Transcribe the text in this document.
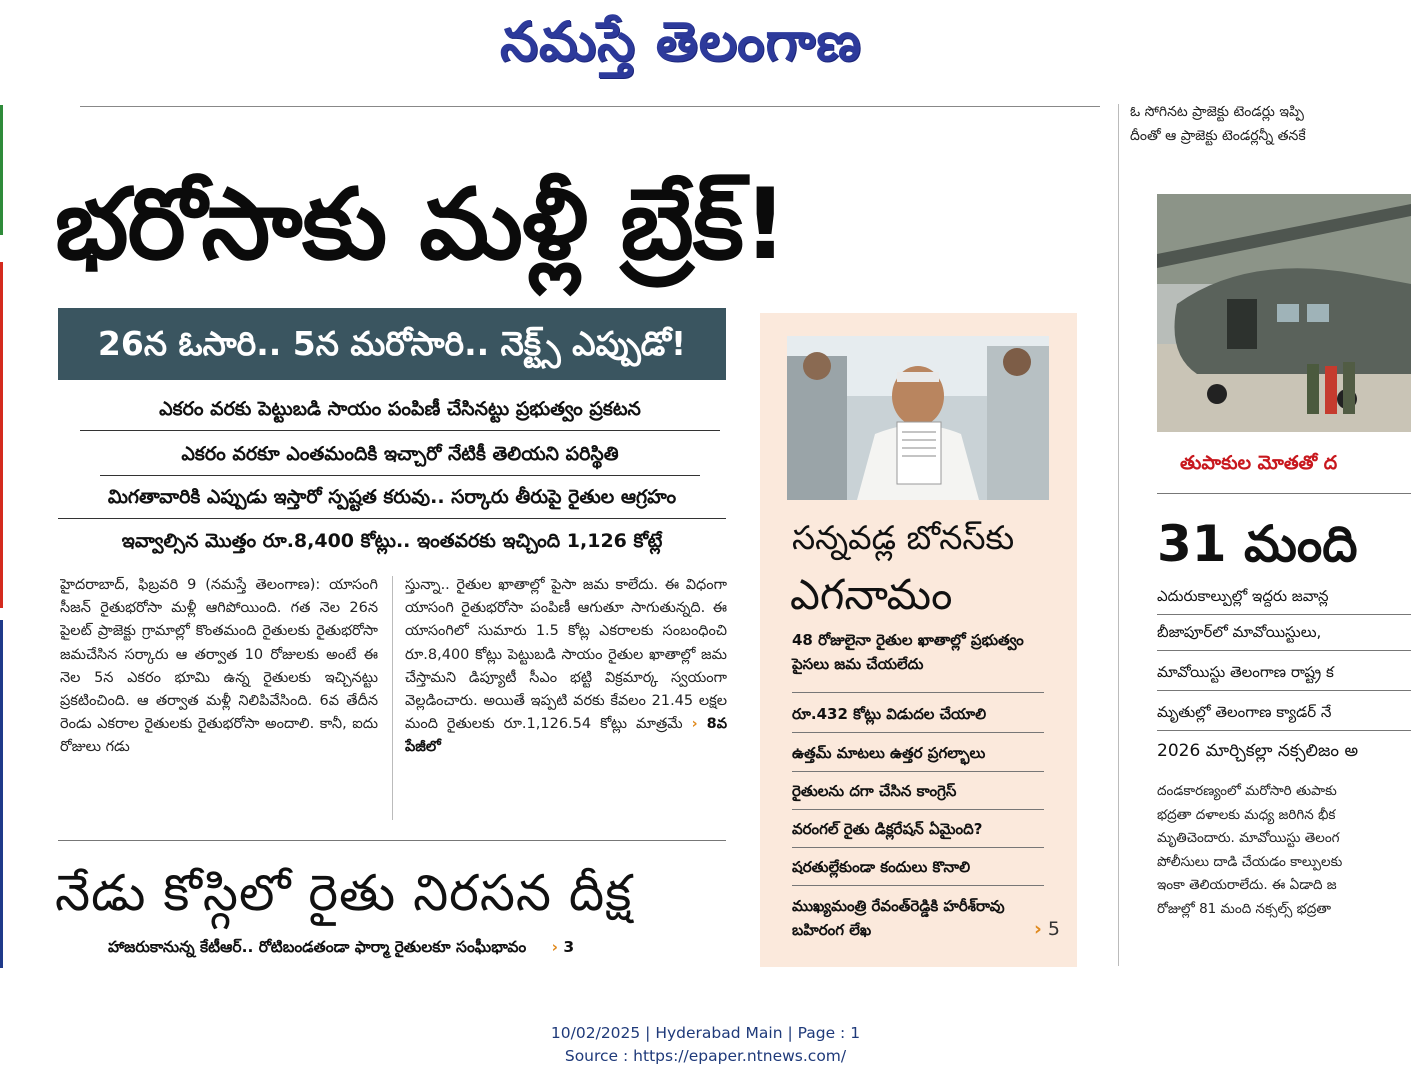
నమస్తే తెలంగాణ
భరోసాకు మళ్లీ బ్రేక్!
26న ఓసారి.. 5న మరోసారి.. నెక్ట్స్ ఎప్పుడో!
ఎకరం వరకు పెట్టుబడి సాయం పంపిణీ చేసినట్టు ప్రభుత్వం ప్రకటన
ఎకరం వరకూ ఎంతమందికి ఇచ్చారో నేటికీ తెలియని పరిస్థితి
మిగతావారికి ఎప్పుడు ఇస్తారో స్పష్టత కరువు.. సర్కారు తీరుపై రైతుల ఆగ్రహం
ఇవ్వాల్సిన మొత్తం రూ.8,400 కోట్లు.. ఇంతవరకు ఇచ్చింది 1,126 కోట్లే
హైదరాబాద్, ఫిబ్రవరి 9 (నమస్తే తెలంగాణ): యాసంగి సీజన్ రైతుభరోసా మళ్లీ ఆగిపోయింది. గత నెల 26న పైలట్ ప్రాజెక్టు గ్రామాల్లో కొంతమంది రైతులకు రైతుభరోసా జమచేసిన సర్కారు ఆ తర్వాత 10 రోజులకు అంటే ఈ నెల 5న ఎకరం భూమి ఉన్న రైతులకు ఇచ్చినట్టు ప్రకటించింది. ఆ తర్వాత మళ్లీ నిలిపివేసింది. 6వ తేదీన రెండు ఎకరాల రైతులకు రైతుభరోసా అందాలి. కానీ, ఐదు రోజులు గడు
స్తున్నా.. రైతుల ఖాతాల్లో పైసా జమ కాలేదు. ఈ విధంగా యాసంగి రైతుభరోసా పంపిణీ ఆగుతూ సాగుతున్నది. ఈ యాసంగిలో సుమారు 1.5 కోట్ల ఎకరాలకు సంబంధించి రూ.8,400 కోట్లు పెట్టుబడి సాయం రైతుల ఖాతాల్లో జమ చేస్తామని డిప్యూటీ సీఎం భట్టి విక్రమార్క స్వయంగా వెల్లడించారు. అయితే ఇప్పటి వరకు కేవలం 21.45 లక్షల మంది రైతులకు రూ.1,126.54 కోట్లు మాత్రమే › 8వ పేజీలో
నేడు కోస్గిలో రైతు నిరసన దీక్ష
హాజరుకానున్న కేటీఆర్.. రోటిబండతండా ఫార్మా రైతులకూ సంఘీభావం › 3
సన్నవడ్ల బోనస్‌కు
ఎగనామం
48 రోజులైనా రైతుల ఖాతాల్లో ప్రభుత్వం పైసలు జమ చేయలేదు
రూ.432 కోట్లు విడుదల చేయాలి
ఉత్తమ్ మాటలు ఉత్తర ప్రగల్భాలు
రైతులను దగా చేసిన కాంగ్రెస్
వరంగల్ రైతు డిక్లరేషన్ ఏమైంది?
షరతుల్లేకుండా కందులు కొనాలి
ముఖ్యమంత్రి రేవంత్‌రెడ్డికి హరీశ్‌రావు బహిరంగ లేఖ	› 5
ఓ సోగినట ప్రాజెక్టు టెండర్లు ఇప్పి
దీంతో ఆ ప్రాజెక్టు టెండర్లన్నీ తనకే
తుపాకుల మోతతో ద
31 మంది
ఎదురుకాల్పుల్లో ఇద్దరు జవాన్ల
బీజాపూర్‌లో మావోయిస్టులు,
మావోయిస్టు తెలంగాణ రాష్ట్ర క
మృతుల్లో తెలంగాణ క్యాడర్ నే
2026 మార్చికల్లా నక్సలిజం అ
దండకారణ్యంలో మరోసారి తుపాకు
భద్రతా దళాలకు మధ్య జరిగిన భీక
మృతిచెందారు. మావోయిస్టు తెలంగ
పోలీసులు దాడి చేయడం కాల్పులకు
ఇంకా తెలియరాలేదు. ఈ ఏడాది జ
రోజుల్లో 81 మంది నక్సల్స్ భద్రతా
10/02/2025 | Hyderabad Main | Page : 1
Source : https://epaper.ntnews.com/
